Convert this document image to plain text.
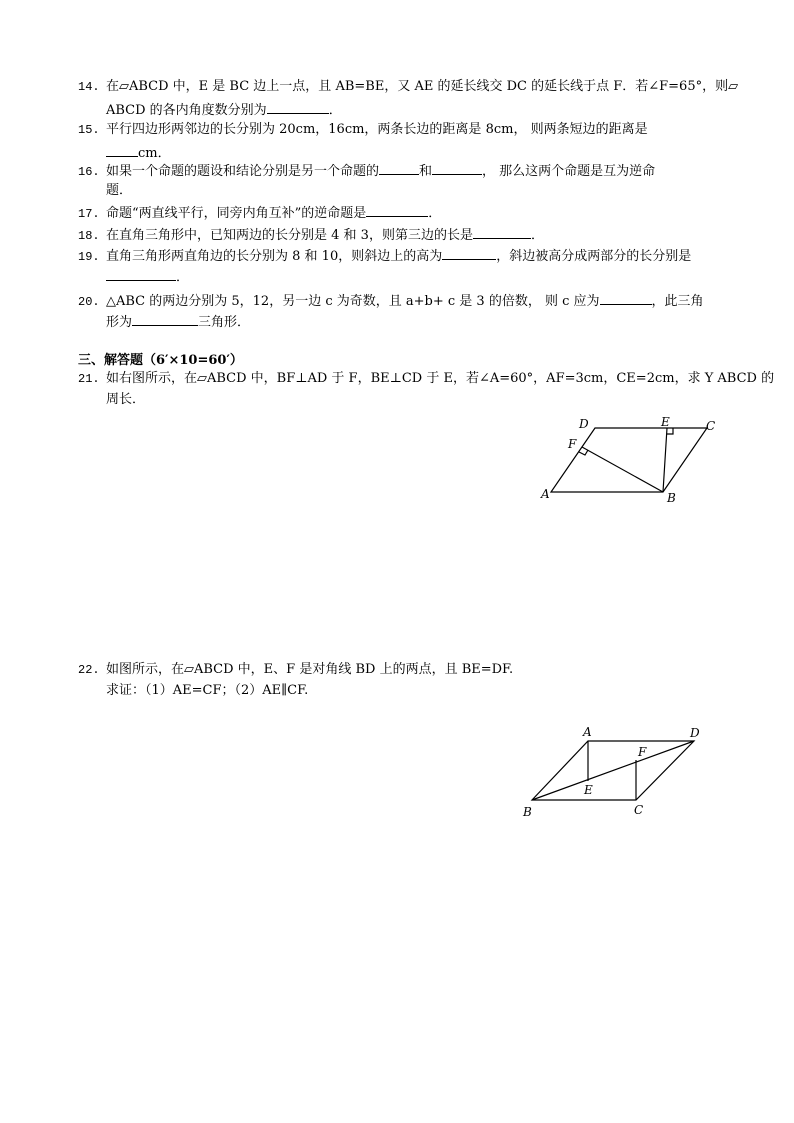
14. 在▱ABCD 中，E 是 BC 边上一点，且 AB=BE，又 AE 的延长线交 DC 的延长线于点 F．若∠F=65°，则▱
ABCD 的各内角度数分别为	．
15. 平行四边形两邻边的长分别为 20cm，16cm，两条长边的距离是 8cm， 则两条短边的距离是
cm．
16. 如果一个命题的题设和结论分别是另一个命题的	和	， 那么这两个命题是互为逆命
题．
17. 命题“两直线平行，同旁内角互补”的逆命题是	．
18. 在直角三角形中，已知两边的长分别是 4 和 3，则第三边的长是	．
19. 直角三角形两直角边的长分别为 8 和 10，则斜边上的高为	，斜边被高分成两部分的长分别是
．
20. △ABC 的两边分别为 5，12，另一边 c 为奇数，且 a+b+ c 是 3 的倍数， 则 c 应为	，此三角
形为	三角形．
三、解答题（6′×10=60′）
21. 如右图所示，在▱ABCD 中，BF⊥AD 于 F，BE⊥CD 于 E，若∠A=60°，AF=3cm，CE=2cm，求 Y ABCD 的
周长．
A	B
C
D	E
F
22. 如图所示，在▱ABCD 中，E、F 是对角线 BD 上的两点，且 BE=DF.
求证：（1）AE=CF；（2）AE∥CF.
A
B	C
D
E
F
